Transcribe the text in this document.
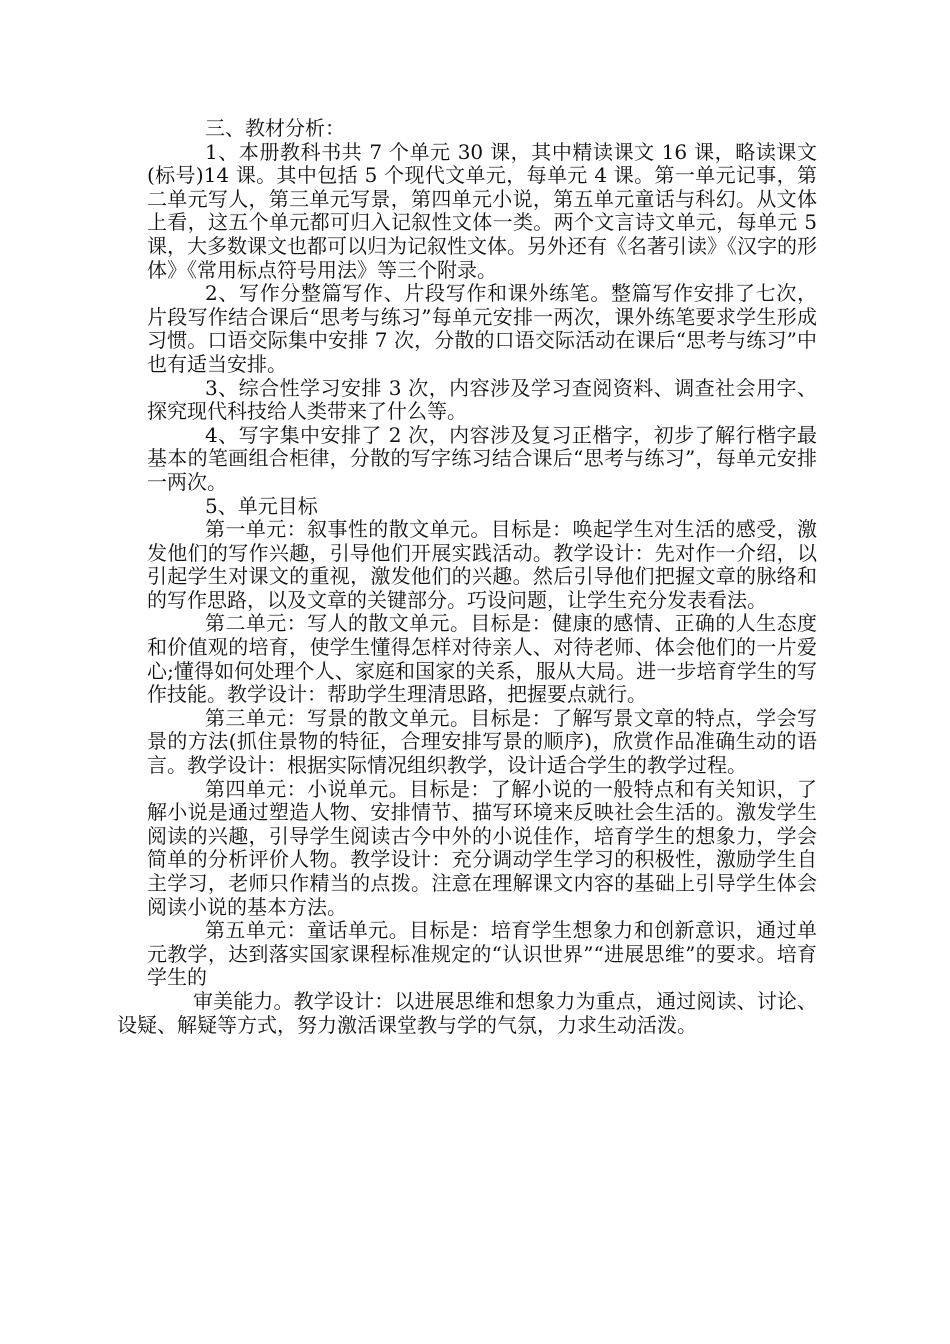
三、教材分析：

1、本册教科书共 7 个单元 30 课，其中精读课文 16 课，略读课文(标号)14 课。其中包括 5 个现代文单元，每单元 4 课。第一单元记事，第二单元写人，第三单元写景，第四单元小说，第五单元童话与科幻。从文体上看，这五个单元都可归入记叙性文体一类。两个文言诗文单元，每单元 5 课，大多数课文也都可以归为记叙性文体。另外还有《名著引读》《汉字的形体》《常用标点符号用法》等三个附录。

2、写作分整篇写作、片段写作和课外练笔。整篇写作安排了七次，片段写作结合课后“思考与练习”每单元安排一两次，课外练笔要求学生形成习惯。口语交际集中安排 7 次，分散的口语交际活动在课后“思考与练习”中也有适当安排。

3、综合性学习安排 3 次，内容涉及学习查阅资料、调查社会用字、探究现代科技给人类带来了什么等。

4、写字集中安排了 2 次，内容涉及复习正楷字，初步了解行楷字最基本的笔画组合柜律，分散的写字练习结合课后“思考与练习”，每单元安排一两次。

5、单元目标

第一单元：叙事性的散文单元。目标是：唤起学生对生活的感受，激发他们的写作兴趣，引导他们开展实践活动。教学设计：先对作一介绍，以引起学生对课文的重视，激发他们的兴趣。然后引导他们把握文章的脉络和的写作思路，以及文章的关键部分。巧设问题，让学生充分发表看法。

第二单元：写人的散文单元。目标是：健康的感情、正确的人生态度和价值观的培育，使学生懂得怎样对待亲人、对待老师、体会他们的一片爱心;懂得如何处理个人、家庭和国家的关系，服从大局。进一步培育学生的写作技能。教学设计：帮助学生理清思路，把握要点就行。

第三单元：写景的散文单元。目标是：了解写景文章的特点，学会写景的方法(抓住景物的特征，合理安排写景的顺序)，欣赏作品准确生动的语言。教学设计：根据实际情况组织教学，设计适合学生的教学过程。

第四单元：小说单元。目标是：了解小说的一般特点和有关知识，了解小说是通过塑造人物、安排情节、描写环境来反映社会生活的。激发学生阅读的兴趣，引导学生阅读古今中外的小说佳作，培育学生的想象力，学会简单的分析评价人物。教学设计：充分调动学生学习的积极性，激励学生自主学习，老师只作精当的点拨。注意在理解课文内容的基础上引导学生体会阅读小说的基本方法。

第五单元：童话单元。目标是：培育学生想象力和创新意识，通过单元教学，达到落实国家课程标准规定的“认识世界”“进展思维”的要求。培育学生的

审美能力。教学设计：以进展思维和想象力为重点，通过阅读、讨论、设疑、解疑等方式，努力激活课堂教与学的气氛，力求生动活泼。
